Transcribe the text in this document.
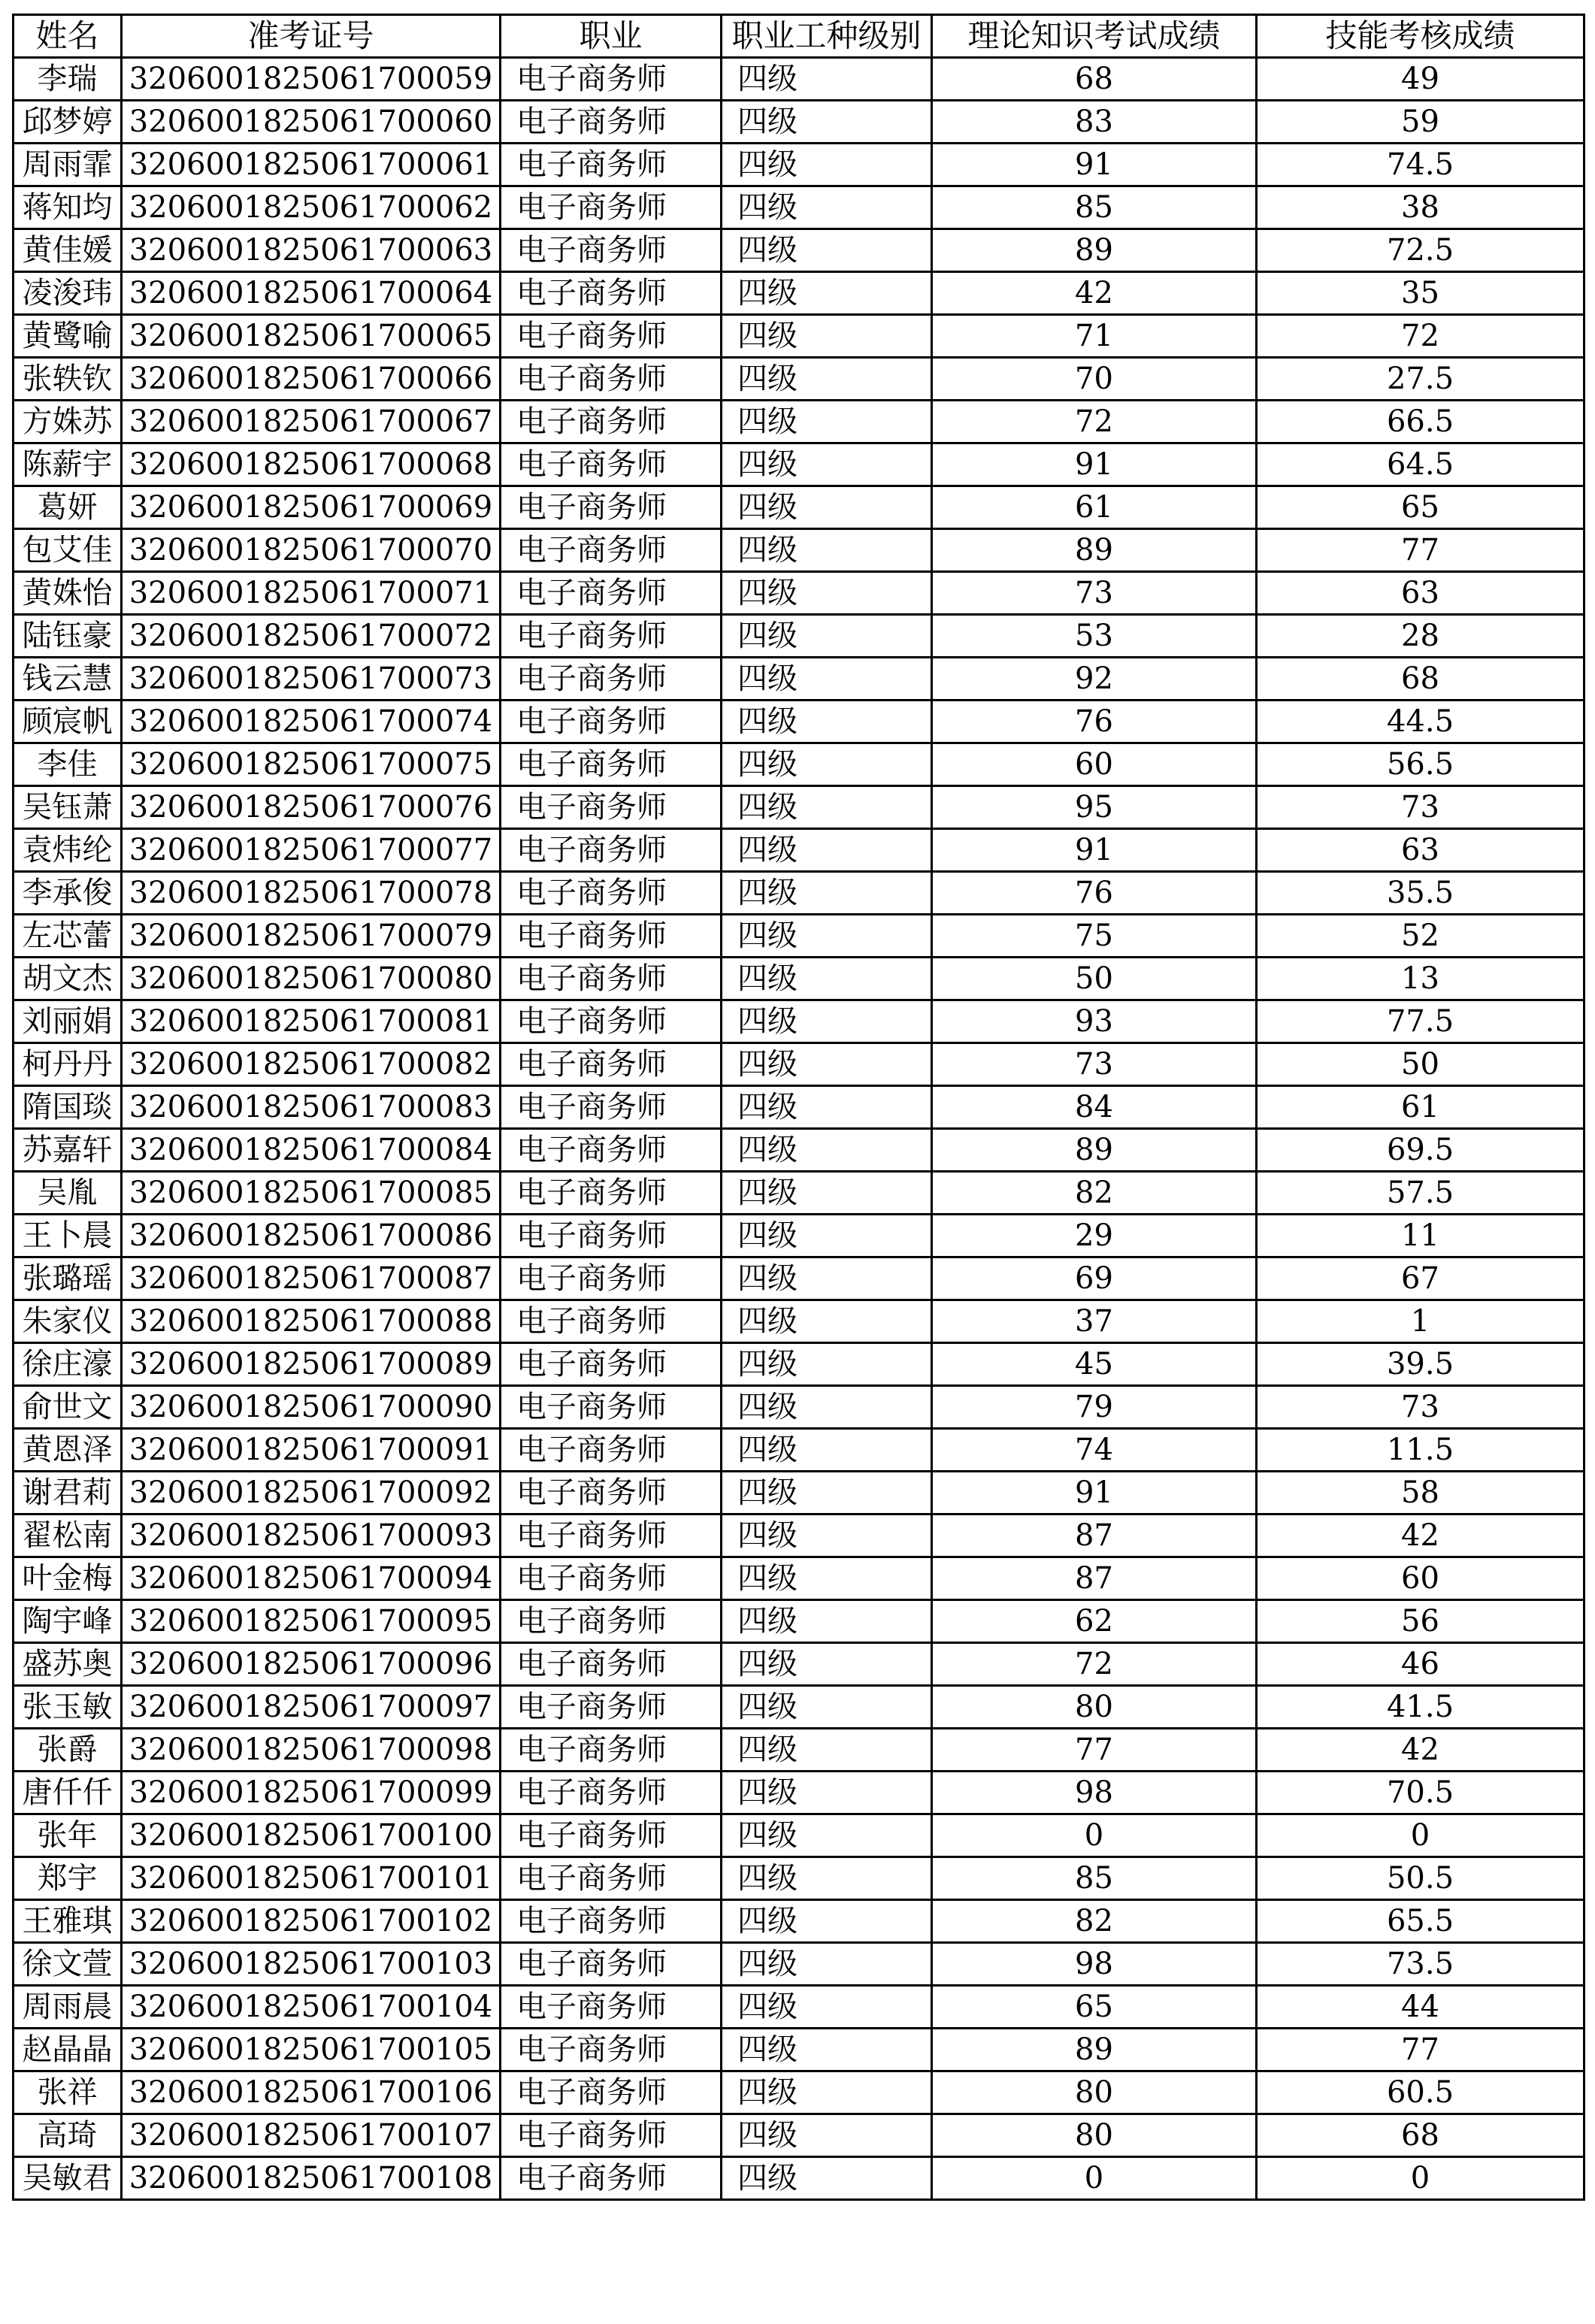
姓名	准考证号	职业	职业工种级别	理论知识考试成绩	技能考核成绩
李瑞	3206001825061700059	电子商务师	四级	68	49
邱梦婷	3206001825061700060	电子商务师	四级	83	59
周雨霏	3206001825061700061	电子商务师	四级	91	74.5
蒋知均	3206001825061700062	电子商务师	四级	85	38
黄佳媛	3206001825061700063	电子商务师	四级	89	72.5
凌浚玮	3206001825061700064	电子商务师	四级	42	35
黄鹭喻	3206001825061700065	电子商务师	四级	71	72
张轶钦	3206001825061700066	电子商务师	四级	70	27.5
方姝苏	3206001825061700067	电子商务师	四级	72	66.5
陈薪宇	3206001825061700068	电子商务师	四级	91	64.5
葛妍	3206001825061700069	电子商务师	四级	61	65
包艾佳	3206001825061700070	电子商务师	四级	89	77
黄姝怡	3206001825061700071	电子商务师	四级	73	63
陆钰豪	3206001825061700072	电子商务师	四级	53	28
钱云慧	3206001825061700073	电子商务师	四级	92	68
顾宸帆	3206001825061700074	电子商务师	四级	76	44.5
李佳	3206001825061700075	电子商务师	四级	60	56.5
吴钰萧	3206001825061700076	电子商务师	四级	95	73
袁炜纶	3206001825061700077	电子商务师	四级	91	63
李承俊	3206001825061700078	电子商务师	四级	76	35.5
左芯蕾	3206001825061700079	电子商务师	四级	75	52
胡文杰	3206001825061700080	电子商务师	四级	50	13
刘丽娟	3206001825061700081	电子商务师	四级	93	77.5
柯丹丹	3206001825061700082	电子商务师	四级	73	50
隋国琰	3206001825061700083	电子商务师	四级	84	61
苏嘉轩	3206001825061700084	电子商务师	四级	89	69.5
吴胤	3206001825061700085	电子商务师	四级	82	57.5
王卜晨	3206001825061700086	电子商务师	四级	29	11
张璐瑶	3206001825061700087	电子商务师	四级	69	67
朱家仪	3206001825061700088	电子商务师	四级	37	1
徐庄濠	3206001825061700089	电子商务师	四级	45	39.5
俞世文	3206001825061700090	电子商务师	四级	79	73
黄恩泽	3206001825061700091	电子商务师	四级	74	11.5
谢君莉	3206001825061700092	电子商务师	四级	91	58
翟松南	3206001825061700093	电子商务师	四级	87	42
叶金梅	3206001825061700094	电子商务师	四级	87	60
陶宇峰	3206001825061700095	电子商务师	四级	62	56
盛苏奥	3206001825061700096	电子商务师	四级	72	46
张玉敏	3206001825061700097	电子商务师	四级	80	41.5
张爵	3206001825061700098	电子商务师	四级	77	42
唐仟仟	3206001825061700099	电子商务师	四级	98	70.5
张年	3206001825061700100	电子商务师	四级	0	0
郑宇	3206001825061700101	电子商务师	四级	85	50.5
王雅琪	3206001825061700102	电子商务师	四级	82	65.5
徐文萱	3206001825061700103	电子商务师	四级	98	73.5
周雨晨	3206001825061700104	电子商务师	四级	65	44
赵晶晶	3206001825061700105	电子商务师	四级	89	77
张祥	3206001825061700106	电子商务师	四级	80	60.5
高琦	3206001825061700107	电子商务师	四级	80	68
吴敏君	3206001825061700108	电子商务师	四级	0	0
